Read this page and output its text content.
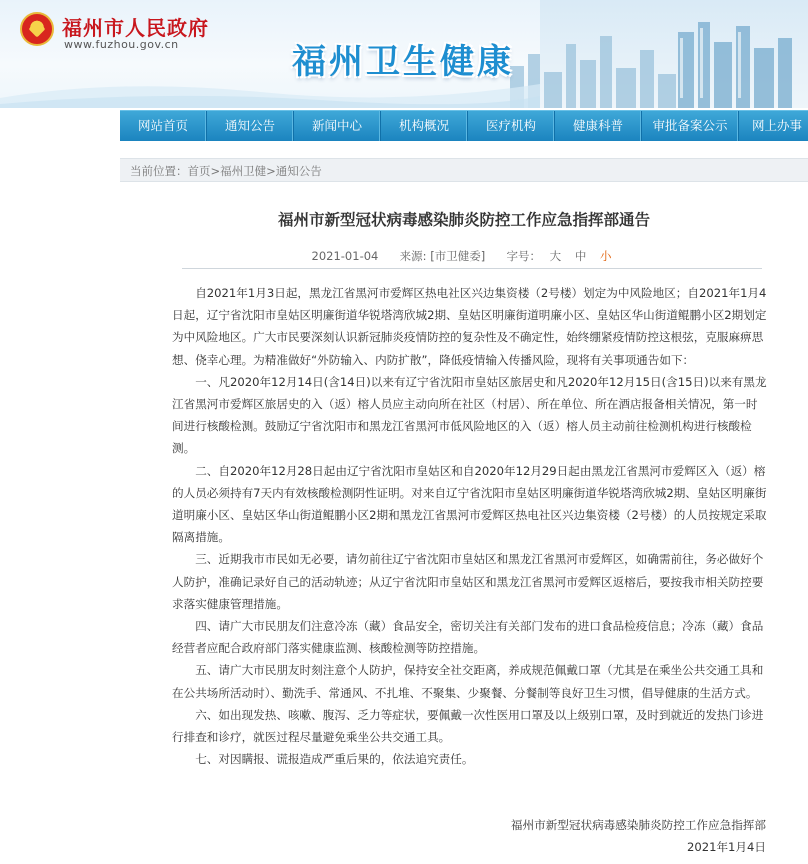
福州市人民政府
www.fuzhou.gov.cn	福州卫生健康
网站首页	通知公告	新闻中心	机构概况	医疗机构	健康科普	审批备案公示	网上办事
当前位置：首页>福州卫健>通知公告
福州市新型冠状病毒感染肺炎防控工作应急指挥部通告
2021-01-04 来源: [市卫健委] 字号： 大 中 小

自2021年1月3日起，黑龙江省黑河市爱辉区热电社区兴边集资楼（2号楼）划定为中风险地区；自2021年1月4日起，辽宁省沈阳市皇姑区明廉街道华锐塔湾欣城2期、皇姑区明廉街道明廉小区、皇姑区华山街道鲲鹏小区2期划定为中风险地区。广大市民要深刻认识新冠肺炎疫情防控的复杂性及不确定性，始终绷紧疫情防控这根弦，克服麻痹思想、侥幸心理。为精准做好“外防输入、内防扩散”，降低疫情输入传播风险，现将有关事项通告如下：

一、凡2020年12月14日(含14日)以来有辽宁省沈阳市皇姑区旅居史和凡2020年12月15日(含15日)以来有黑龙江省黑河市爱辉区旅居史的入（返）榕人员应主动向所在社区（村居）、所在单位、所在酒店报备相关情况，第一时间进行核酸检测。鼓励辽宁省沈阳市和黑龙江省黑河市低风险地区的入（返）榕人员主动前往检测机构进行核酸检测。

二、自2020年12月28日起由辽宁省沈阳市皇姑区和自2020年12月29日起由黑龙江省黑河市爱辉区入（返）榕的人员必须持有7天内有效核酸检测阴性证明。对来自辽宁省沈阳市皇姑区明廉街道华锐塔湾欣城2期、皇姑区明廉街道明廉小区、皇姑区华山街道鲲鹏小区2期和黑龙江省黑河市爱辉区热电社区兴边集资楼（2号楼）的人员按规定采取隔离措施。

三、近期我市市民如无必要，请勿前往辽宁省沈阳市皇姑区和黑龙江省黑河市爱辉区，如确需前往，务必做好个人防护，准确记录好自己的活动轨迹；从辽宁省沈阳市皇姑区和黑龙江省黑河市爱辉区返榕后，要按我市相关防控要求落实健康管理措施。

四、请广大市民朋友们注意冷冻（藏）食品安全，密切关注有关部门发布的进口食品检疫信息；冷冻（藏）食品经营者应配合政府部门落实健康监测、核酸检测等防控措施。

五、请广大市民朋友时刻注意个人防护，保持安全社交距离，养成规范佩戴口罩（尤其是在乘坐公共交通工具和在公共场所活动时）、勤洗手、常通风、不扎堆、不聚集、少聚餐、分餐制等良好卫生习惯，倡导健康的生活方式。

六、如出现发热、咳嗽、腹泻、乏力等症状，要佩戴一次性医用口罩及以上级别口罩，及时到就近的发热门诊进行排查和诊疗，就医过程尽量避免乘坐公共交通工具。

七、对因瞒报、谎报造成严重后果的，依法追究责任。

福州市新型冠状病毒感染肺炎防控工作应急指挥部
2021年1月4日
